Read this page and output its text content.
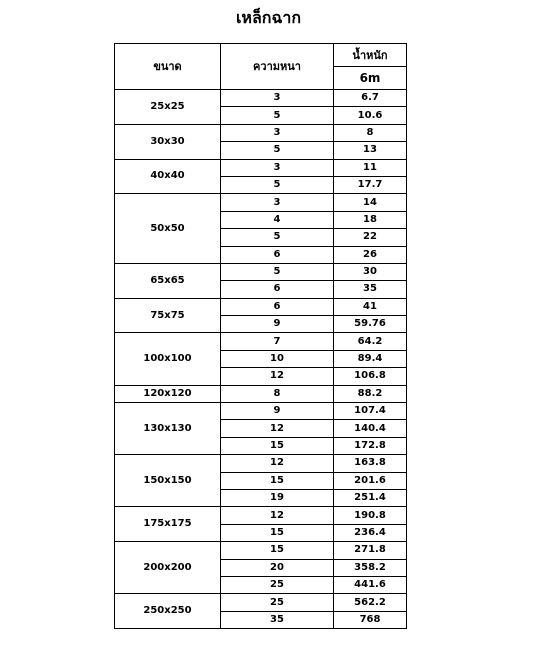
เหล็กฉาก
ขนาด	ความหนา	น้ำหนัก
		6m
25x25	3	6.7
	5	10.6
30x30	3	8
	5	13
40x40	3	11
	5	17.7
50x50	3	14
	4	18
	5	22
	6	26
65x65	5	30
	6	35
75x75	6	41
	9	59.76
100x100	7	64.2
	10	89.4
	12	106.8
120x120	8	88.2
130x130	9	107.4
	12	140.4
	15	172.8
150x150	12	163.8
	15	201.6
	19	251.4
175x175	12	190.8
	15	236.4
200x200	15	271.8
	20	358.2
	25	441.6
250x250	25	562.2
	35	768
